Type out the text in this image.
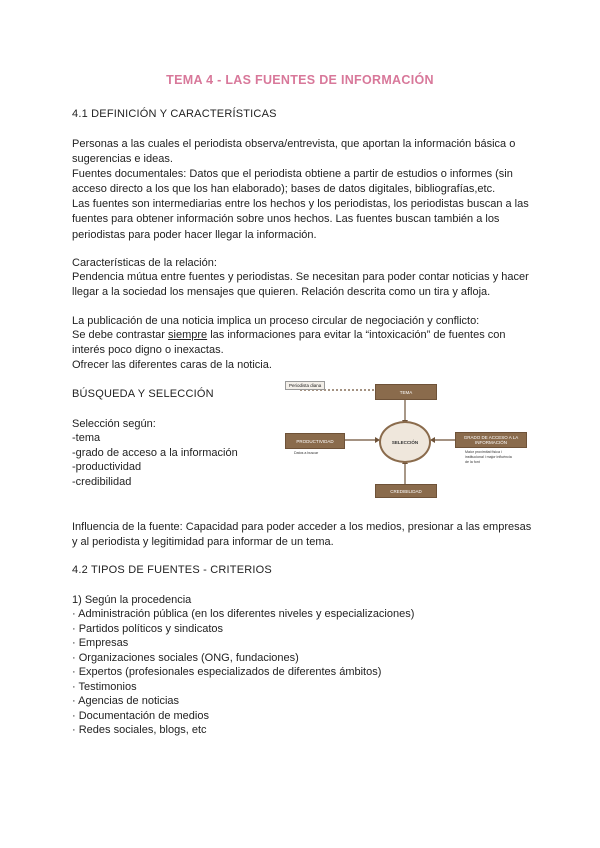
TEMA 4 - LAS FUENTES DE INFORMACIÓN
4.1 DEFINICIÓN Y CARACTERÍSTICAS
Personas a las cuales el periodista observa/entrevista, que aportan la información básica o sugerencias e ideas.
Fuentes documentales: Datos que el periodista obtiene a partir de estudios o informes (sin acceso directo a los que los han elaborado); bases de datos digitales, bibliografías,etc.
Las fuentes son intermediarias entre los hechos y los periodistas, los periodistas buscan a las fuentes para obtener información sobre unos hechos. Las fuentes buscan también a los periodistas para poder hacer llegar la información.
Características de la relación:
Pendencia mútua entre fuentes y periodistas. Se necesitan para poder contar noticias y hacer llegar a la sociedad los mensajes que quieren. Relación descrita como un tira y afloja.
La publicación de una noticia implica un proceso circular de negociación y conflicto:
Se debe contrastar siempre las informaciones para evitar la “intoxicación” de fuentes con interés poco digno o inexactas.
Ofrecer las diferentes caras de la noticia.
BÚSQUEDA Y SELECCIÓN
Selección según:
-tema
-grado de acceso a la información
-productividad
-credibilidad
Periodista diana
TEMA
PRODUCTIVIDAD	SELECCIÓN
GRADO DE ACCESO A LA INFORMACIÓN
CREDIBILIDAD
Datos a buscar	Maior proximitat física i institucional i major influència de la font
Influencia de la fuente: Capacidad para poder acceder a los medios, presionar a las empresas y al periodista y legitimidad para informar de un tema.
4.2 TIPOS DE FUENTES - CRITERIOS
1) Según la procedencia
· Administración pública (en los diferentes niveles y especializaciones)
· Partidos políticos y sindicatos
· Empresas
· Organizaciones sociales (ONG, fundaciones)
· Expertos (profesionales especializados de diferentes ámbitos)
· Testimonios
· Agencias de noticias
· Documentación de medios
· Redes sociales, blogs, etc
